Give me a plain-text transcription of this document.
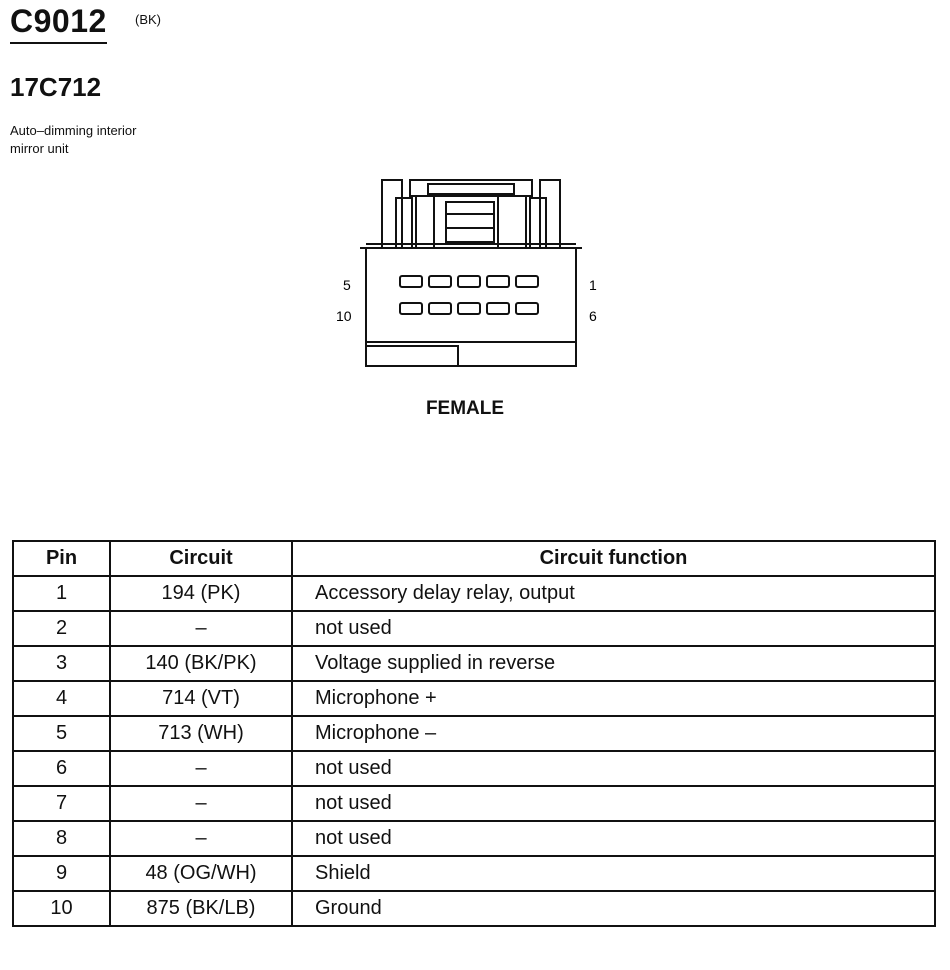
C9012 (BK)
17C712
Auto–dimming interior mirror unit
5	1
10	6
FEMALE
Pin	Circuit	Circuit function
1	194 (PK)	Accessory delay relay, output
2	–	not used
3	140 (BK/PK)	Voltage supplied in reverse
4	714 (VT)	Microphone +
5	713 (WH)	Microphone –
6	–	not used
7	–	not used
8	–	not used
9	48 (OG/WH)	Shield
10	875 (BK/LB)	Ground
